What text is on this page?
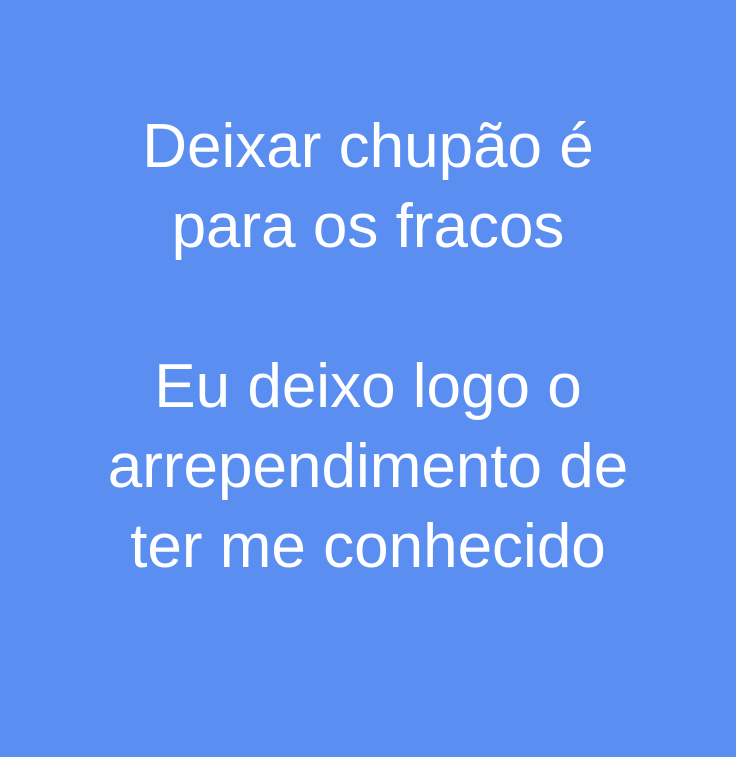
Deixar chupão é
para os fracos
Eu deixo logo o
arrependimento de
ter me conhecido
